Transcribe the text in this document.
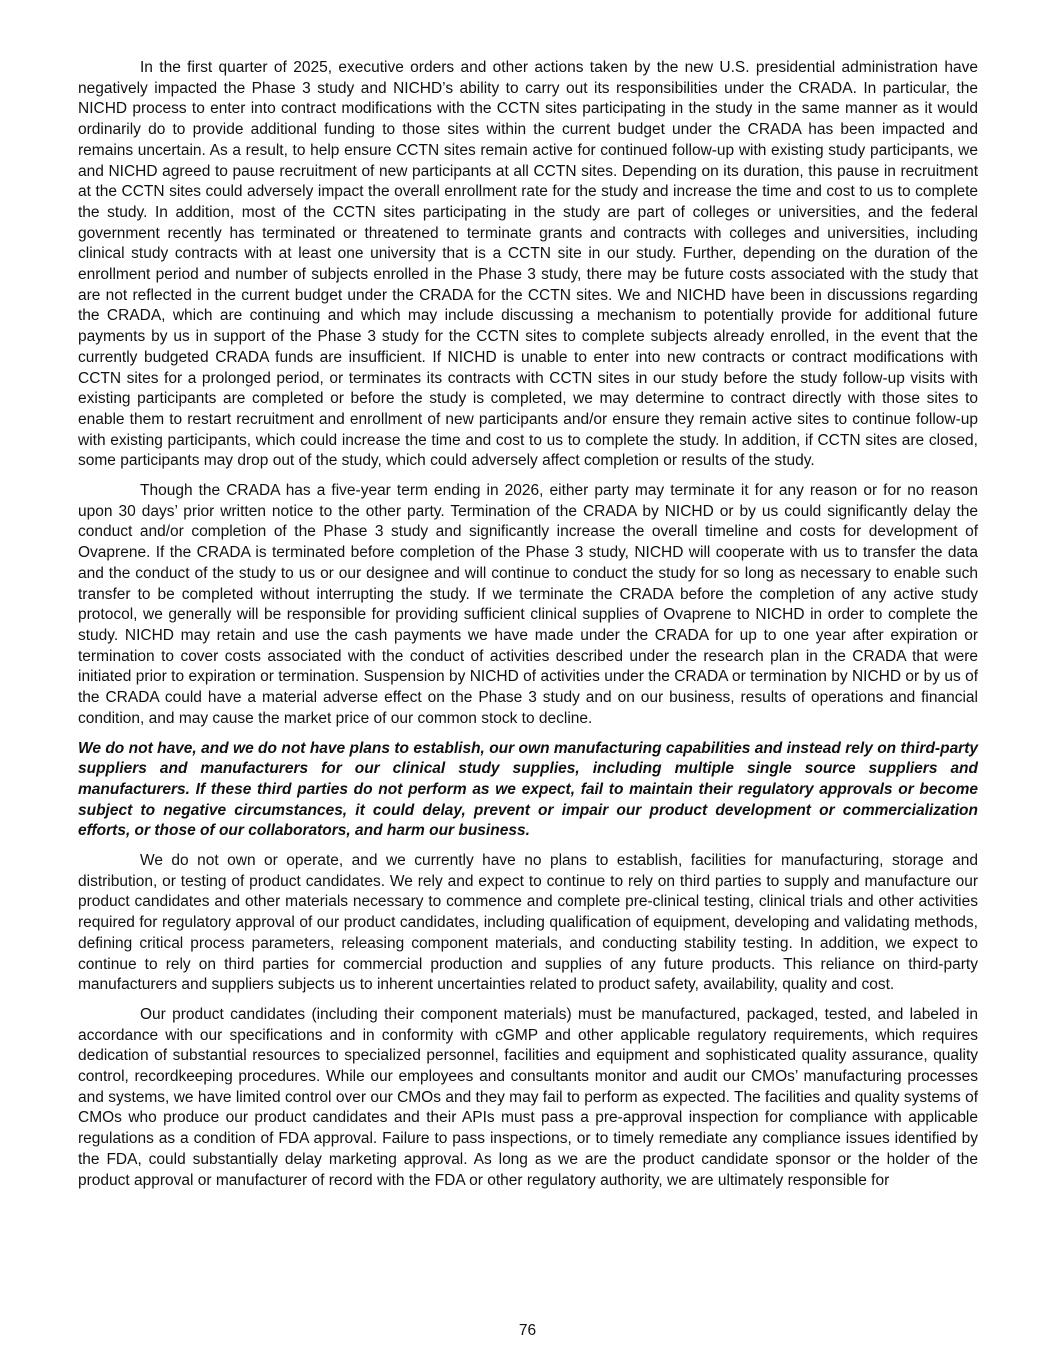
In the first quarter of 2025, executive orders and other actions taken by the new U.S. presidential administration have negatively impacted the Phase 3 study and NICHD’s ability to carry out its responsibilities under the CRADA. In particular, the NICHD process to enter into contract modifications with the CCTN sites participating in the study in the same manner as it would ordinarily do to provide additional funding to those sites within the current budget under the CRADA has been impacted and remains uncertain. As a result, to help ensure CCTN sites remain active for continued follow-up with existing study participants, we and NICHD agreed to pause recruitment of new participants at all CCTN sites. Depending on its duration, this pause in recruitment at the CCTN sites could adversely impact the overall enrollment rate for the study and increase the time and cost to us to complete the study. In addition, most of the CCTN sites participating in the study are part of colleges or universities, and the federal government recently has terminated or threatened to terminate grants and contracts with colleges and universities, including clinical study contracts with at least one university that is a CCTN site in our study. Further, depending on the duration of the enrollment period and number of subjects enrolled in the Phase 3 study, there may be future costs associated with the study that are not reflected in the current budget under the CRADA for the CCTN sites. We and NICHD have been in discussions regarding the CRADA, which are continuing and which may include discussing a mechanism to potentially provide for additional future payments by us in support of the Phase 3 study for the CCTN sites to complete subjects already enrolled, in the event that the currently budgeted CRADA funds are insufficient. If NICHD is unable to enter into new contracts or contract modifications with CCTN sites for a prolonged period, or terminates its contracts with CCTN sites in our study before the study follow-up visits with existing participants are completed or before the study is completed, we may determine to contract directly with those sites to enable them to restart recruitment and enrollment of new participants and/or ensure they remain active sites to continue follow-up with existing participants, which could increase the time and cost to us to complete the study. In addition, if CCTN sites are closed, some participants may drop out of the study, which could adversely affect completion or results of the study.

Though the CRADA has a five-year term ending in 2026, either party may terminate it for any reason or for no reason upon 30 days’ prior written notice to the other party. Termination of the CRADA by NICHD or by us could significantly delay the conduct and/or completion of the Phase 3 study and significantly increase the overall timeline and costs for development of Ovaprene. If the CRADA is terminated before completion of the Phase 3 study, NICHD will cooperate with us to transfer the data and the conduct of the study to us or our designee and will continue to conduct the study for so long as necessary to enable such transfer to be completed without interrupting the study. If we terminate the CRADA before the completion of any active study protocol, we generally will be responsible for providing sufficient clinical supplies of Ovaprene to NICHD in order to complete the study. NICHD may retain and use the cash payments we have made under the CRADA for up to one year after expiration or termination to cover costs associated with the conduct of activities described under the research plan in the CRADA that were initiated prior to expiration or termination. Suspension by NICHD of activities under the CRADA or termination by NICHD or by us of the CRADA could have a material adverse effect on the Phase 3 study and on our business, results of operations and financial condition, and may cause the market price of our common stock to decline.

We do not have, and we do not have plans to establish, our own manufacturing capabilities and instead rely on third-party suppliers and manufacturers for our clinical study supplies, including multiple single source suppliers and manufacturers. If these third parties do not perform as we expect, fail to maintain their regulatory approvals or become subject to negative circumstances, it could delay, prevent or impair our product development or commercialization efforts, or those of our collaborators, and harm our business.

We do not own or operate, and we currently have no plans to establish, facilities for manufacturing, storage and distribution, or testing of product candidates. We rely and expect to continue to rely on third parties to supply and manufacture our product candidates and other materials necessary to commence and complete pre-clinical testing, clinical trials and other activities required for regulatory approval of our product candidates, including qualification of equipment, developing and validating methods, defining critical process parameters, releasing component materials, and conducting stability testing. In addition, we expect to continue to rely on third parties for commercial production and supplies of any future products. This reliance on third-party manufacturers and suppliers subjects us to inherent uncertainties related to product safety, availability, quality and cost.

Our product candidates (including their component materials) must be manufactured, packaged, tested, and labeled in accordance with our specifications and in conformity with cGMP and other applicable regulatory requirements, which requires dedication of substantial resources to specialized personnel, facilities and equipment and sophisticated quality assurance, quality control, recordkeeping procedures. While our employees and consultants monitor and audit our CMOs’ manufacturing processes and systems, we have limited control over our CMOs and they may fail to perform as expected. The facilities and quality systems of CMOs who produce our product candidates and their APIs must pass a pre-approval inspection for compliance with applicable regulations as a condition of FDA approval. Failure to pass inspections, or to timely remediate any compliance issues identified by the FDA, could substantially delay marketing approval. As long as we are the product candidate sponsor or the holder of the product approval or manufacturer of record with the FDA or other regulatory authority, we are ultimately responsible for

76
